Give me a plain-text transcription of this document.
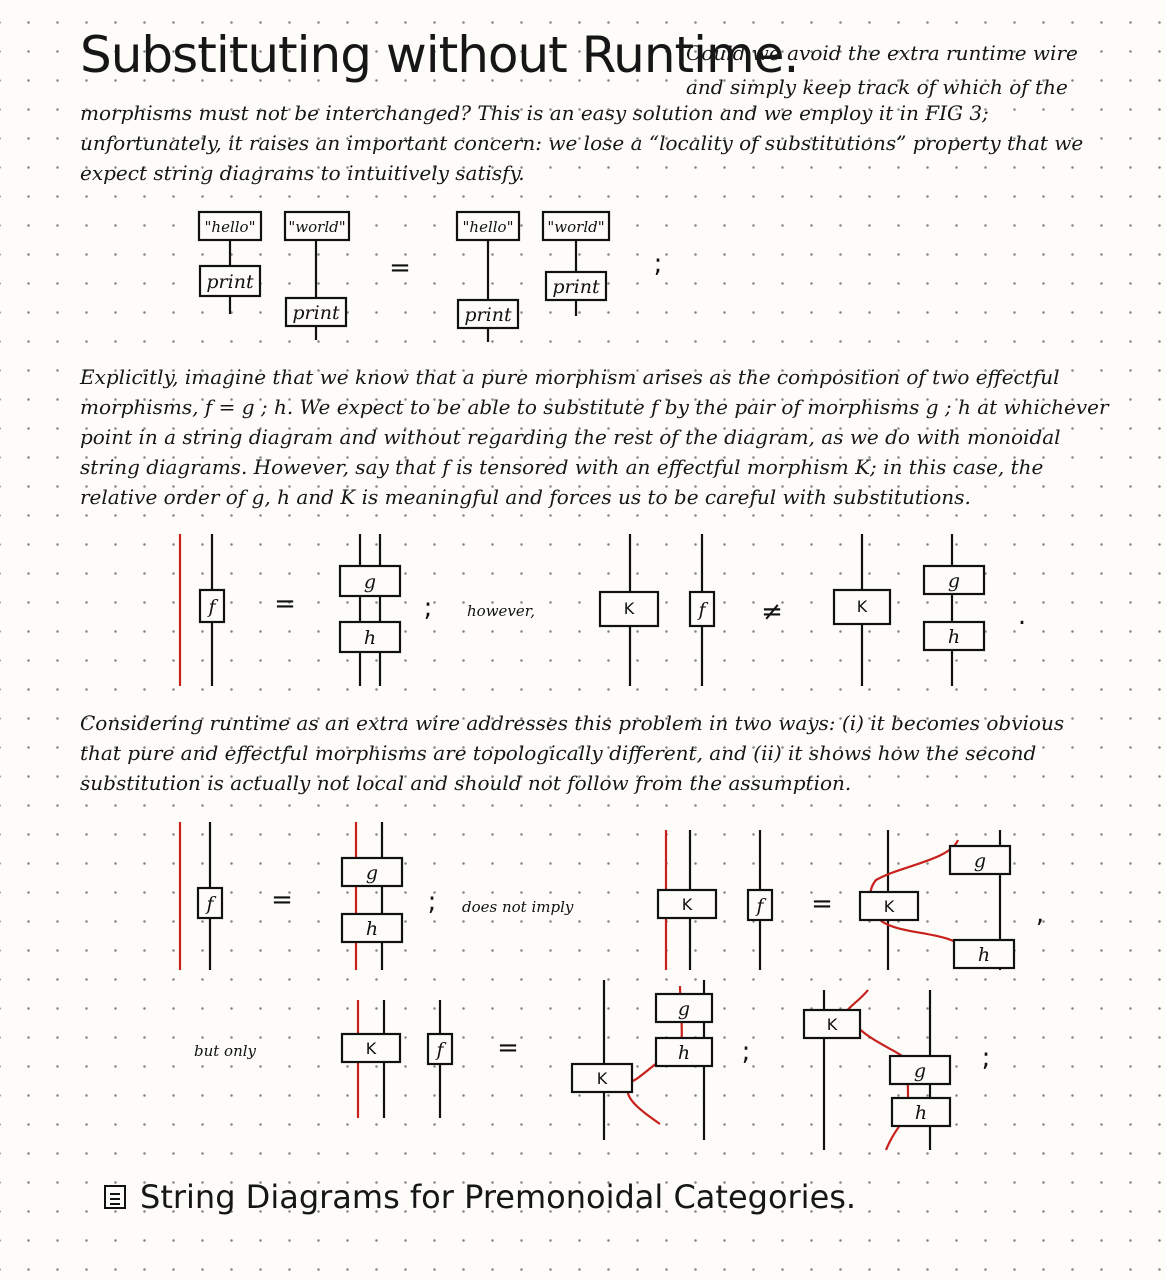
Substituting without Runtime.
Could we avoid the extra runtime wire and simply keep track of which of the

morphisms must not be interchanged? This is an easy solution and we employ it in FIG 3; unfortunately, it raises an important concern: we lose a “locality of substitutions” property that we expect string diagrams to intuitively satisfy.

"hello" "world"
print
print
=
"hello" "world"
print
print
;

Explicitly, imagine that we know that a pure morphism arises as the composition of two effectful morphisms, f = g ; h. We expect to be able to substitute f by the pair of morphisms g ; h at whichever point in a string diagram and without regarding the rest of the diagram, as we do with monoidal string diagrams. However, say that f is tensored with an effectful morphism K; in this case, the relative order of g, h and K is meaningful and forces us to be careful with substitutions.

f =
g
h
; however,	K	f ≠	K
g
h
.

Considering runtime as an extra wire addresses this problem in two ways: (i) it becomes obvious that pure and effectful morphisms are topologically different, and (ii) it shows how the second substitution is actually not local and should not follow from the assumption.

f =
g
h
; does not imply	K	f =	K
g
h
,
but only	K	f =
g
h
K
;
K
g
h
;
String Diagrams for Premonoidal Categories.
